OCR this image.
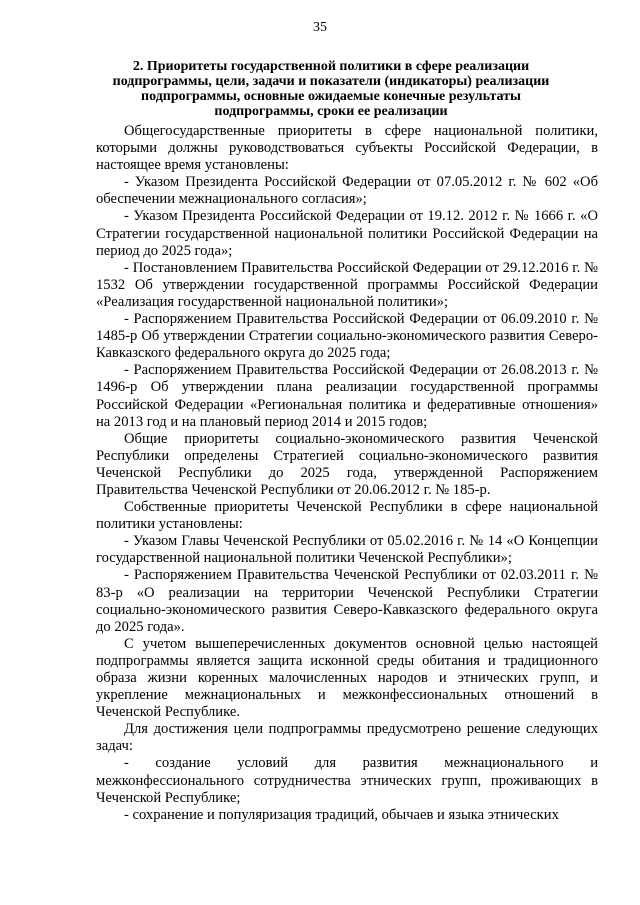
35
2. Приоритеты государственной политики в сфере реализации подпрограммы, цели, задачи и показатели (индикаторы) реализации подпрограммы, основные ожидаемые конечные результаты подпрограммы, сроки ее реализации

Общегосударственные приоритеты в сфере национальной политики, которыми должны руководствоваться субъекты Российской Федерации, в настоящее время установлены:

- Указом Президента Российской Федерации от 07.05.2012 г. № 602 «Об обеспечении межнационального согласия»;

- Указом Президента Российской Федерации от 19.12. 2012 г. № 1666 г. «О Стратегии государственной национальной политики Российской Федерации на период до 2025 года»;

- Постановлением Правительства Российской Федерации от 29.12.2016 г. № 1532 Об утверждении государственной программы Российской Федерации «Реализация государственной национальной политики»;

- Распоряжением Правительства Российской Федерации от 06.09.2010 г. № 1485-р Об утверждении Стратегии социально-экономического развития Северо-Кавказского федерального округа до 2025 года;

- Распоряжением Правительства Российской Федерации от 26.08.2013 г. № 1496-р Об утверждении плана реализации государственной программы Российской Федерации «Региональная политика и федеративные отношения» на 2013 год и на плановый период 2014 и 2015 годов;

Общие приоритеты социально-экономического развития Чеченской Республики определены Стратегией социально-экономического развития Чеченской Республики до 2025 года, утвержденной Распоряжением Правительства Чеченской Республики от 20.06.2012 г. № 185-р.

Собственные приоритеты Чеченской Республики в сфере национальной политики установлены:

- Указом Главы Чеченской Республики от 05.02.2016 г. № 14 «О Концепции государственной национальной политики Чеченской Республики»;

- Распоряжением Правительства Чеченской Республики от 02.03.2011 г. № 83-р «О реализации на территории Чеченской Республики Стратегии социально-экономического развития Северо-Кавказского федерального округа до 2025 года».

С учетом вышеперечисленных документов основной целью настоящей подпрограммы является защита исконной среды обитания и традиционного образа жизни коренных малочисленных народов и этнических групп, и укрепление межнациональных и межконфессиональных отношений в Чеченской Республике.

Для достижения цели подпрограммы предусмотрено решение следующих задач:

- создание условий для развития межнационального и межконфессионального сотрудничества этнических групп, проживающих в Чеченской Республике;

- сохранение и популяризация традиций, обычаев и языка этнических
